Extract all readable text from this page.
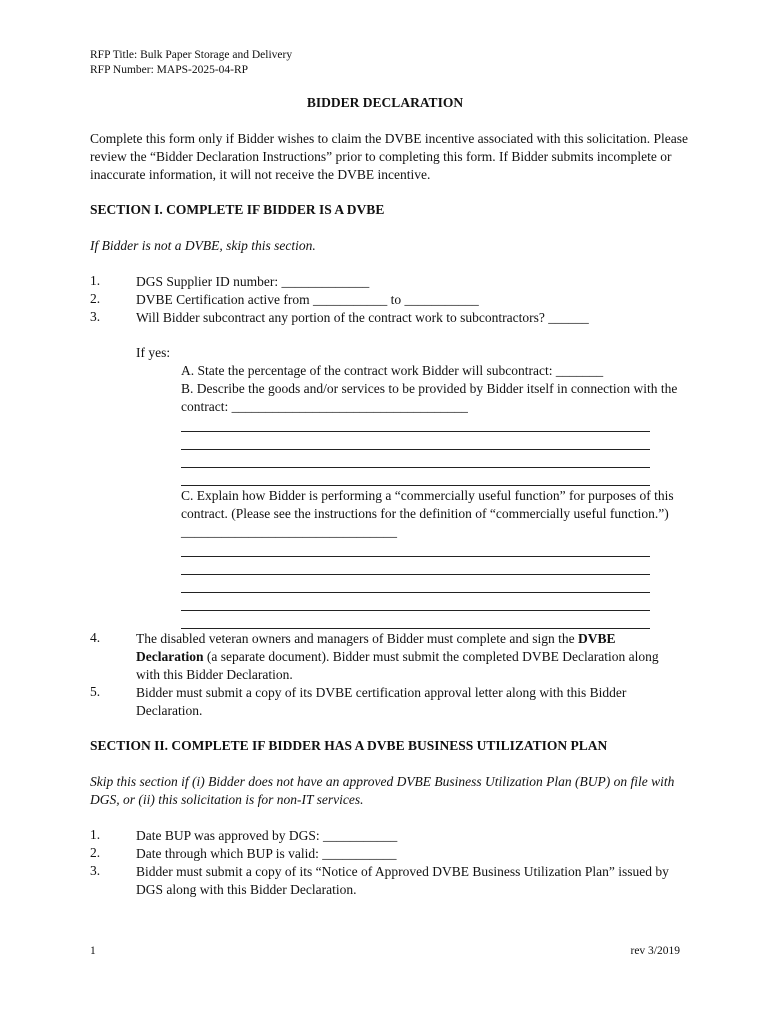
RFP Title: Bulk Paper Storage and Delivery
RFP Number: MAPS-2025-04-RP
BIDDER DECLARATION
Complete this form only if Bidder wishes to claim the DVBE incentive associated with this solicitation. Please review the “Bidder Declaration Instructions” prior to completing this form. If Bidder submits incomplete or inaccurate information, it will not receive the DVBE incentive.
SECTION I. COMPLETE IF BIDDER IS A DVBE
If Bidder is not a DVBE, skip this section.
1.	DGS Supplier ID number: _____________
2.	DVBE Certification active from ___________ to ___________
3.	Will Bidder subcontract any portion of the contract work to subcontractors? ______
If yes:
A. State the percentage of the contract work Bidder will subcontract: _______
B. Describe the goods and/or services to be provided by Bidder itself in connection with the contract: ___________________________________
C. Explain how Bidder is performing a “commercially useful function” for purposes of this contract. (Please see the instructions for the definition of “commercially useful function.”) ________________________________
4.	The disabled veteran owners and managers of Bidder must complete and sign the DVBE Declaration (a separate document). Bidder must submit the completed DVBE Declaration along with this Bidder Declaration.
5.	Bidder must submit a copy of its DVBE certification approval letter along with this Bidder Declaration.
SECTION II. COMPLETE IF BIDDER HAS A DVBE BUSINESS UTILIZATION PLAN
Skip this section if (i) Bidder does not have an approved DVBE Business Utilization Plan (BUP) on file with DGS, or (ii) this solicitation is for non-IT services.
1.	Date BUP was approved by DGS: ___________
2.	Date through which BUP is valid: ___________
3.	Bidder must submit a copy of its “Notice of Approved DVBE Business Utilization Plan” issued by DGS along with this Bidder Declaration.
1	rev 3/2019
